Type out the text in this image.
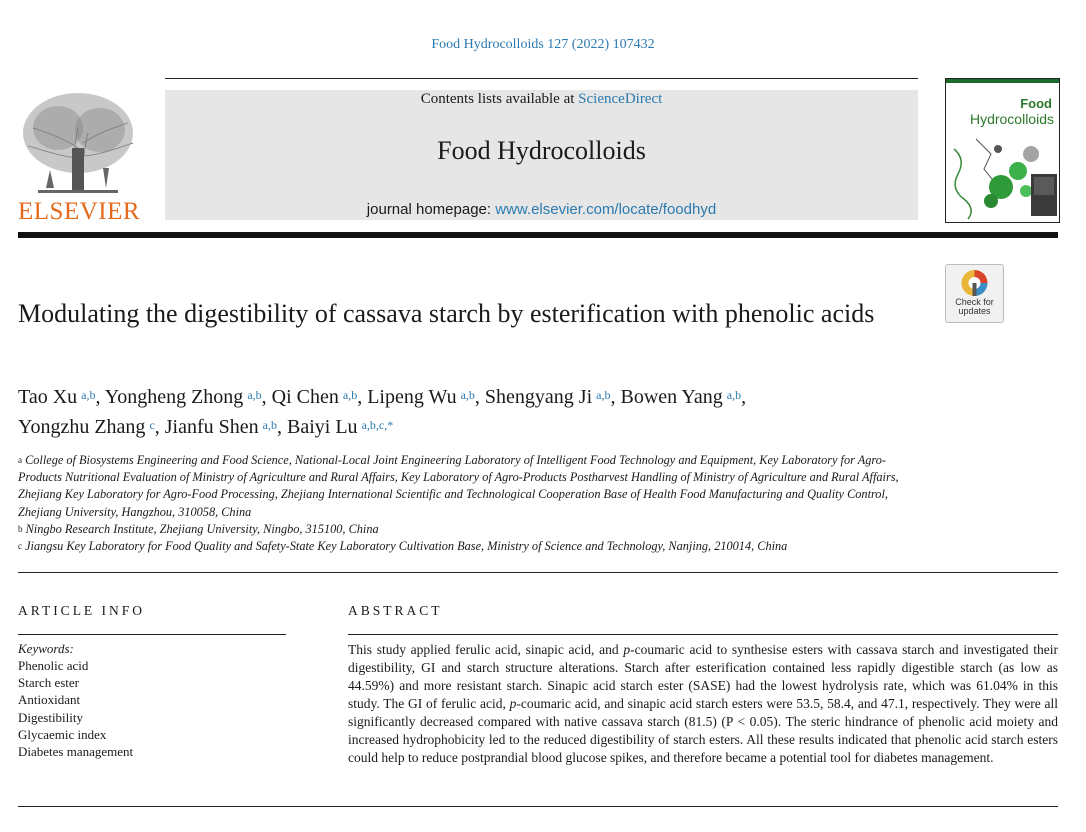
Food Hydrocolloids 127 (2022) 107432
ELSEVIER
Contents lists available at ScienceDirect
Food Hydrocolloids
journal homepage: www.elsevier.com/locate/foodhyd
Food
Hydrocolloids
Check for updates
Modulating the digestibility of cassava starch by esterification with phenolic acids
Tao Xu  $^{a,b}$, Yongheng Zhong  $^{a,b}$, Qi Chen  $^{a,b}$, Lipeng Wu  $^{a,b}$, Shengyang Ji  $^{a,b}$, Bowen Yang  $^{a,b}$,
Yongzhu Zhang  $^c$, Jianfu Shen  $^{a,b}$, Baiyi Lu  $^{a,b,c,*}$
$^a$ College of Biosystems Engineering and Food Science, National-Local Joint Engineering Laboratory of Intelligent Food Technology and Equipment, Key Laboratory for Agro-Products Nutritional Evaluation of Ministry of Agriculture and Rural Affairs, Key Laboratory of Agro-Products Postharvest Handling of Ministry of Agriculture and Rural Affairs, Zhejiang Key Laboratory for Agro-Food Processing, Zhejiang International Scientific and Technological Cooperation Base of Health Food Manufacturing and Quality Control, Zhejiang University, Hangzhou, 310058, China
$^b$ Ningbo Research Institute, Zhejiang University, Ningbo, 315100, China
$^c$ Jiangsu Key Laboratory for Food Quality and Safety-State Key Laboratory Cultivation Base, Ministry of Science and Technology, Nanjing, 210014, China
ARTICLE INFO
Keywords:
Phenolic acid
Starch ester
Antioxidant
Digestibility
Glycaemic index
Diabetes management
ABSTRACT
This study applied ferulic acid, sinapic acid, and p-coumaric acid to synthesise esters with cassava starch and investigated their digestibility, GI and starch structure alterations. Starch after esterification contained less rapidly digestible starch (as low as 44.59%) and more resistant starch. Sinapic acid starch ester (SASE) had the lowest hydrolysis rate, which was 61.04% in this study. The GI of ferulic acid, p-coumaric acid, and sinapic acid starch esters were 53.5, 58.4, and 47.1, respectively. They were all significantly decreased compared with native cassava starch (81.5) (P < 0.05). The steric hindrance of phenolic acid moiety and increased hydrophobicity led to the reduced digestibility of starch esters. All these results indicated that phenolic acid starch esters could help to reduce postprandial blood glucose spikes, and therefore became a potential tool for diabetes management.
